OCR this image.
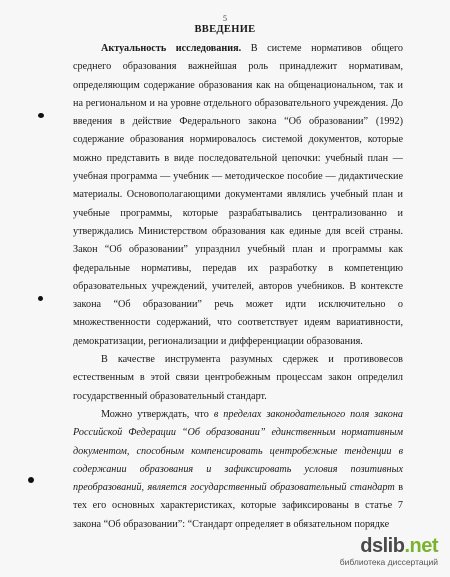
5
ВВЕДЕНИЕ

Актуальность исследования. В системе нормативов общего среднего образования важнейшая роль принадлежит нормативам, определяющим содержание образования как на общенациональном, так и на региональном и на уровне отдельного образовательного учреждения. До введения в действие Федерального закона “Об образовании” (1992) содержание образования нормировалось системой документов, которые можно представить в виде последовательной цепочки: учебный план — учебная программа — учебник — методическое пособие — дидактические материалы. Основополагающими документами являлись учебный план и учебные программы, которые разрабатывались централизованно и утверждались Министерством образования как единые для всей страны. Закон “Об образовании” упразднил учебный план и программы как федеральные нормативы, передав их разработку в компетенцию образовательных учреждений, учителей, авторов учебников. В контексте закона “Об образовании” речь может идти исключительно о множественности содержаний, что соответствует идеям вариативности, демократизации, регионализации и дифференциации образования.

В качестве инструмента разумных сдержек и противовесов естественным в этой связи центробежным процессам закон определил государственный образовательный стандарт.

Можно утверждать, что в пределах законодательного поля закона Российской Федерации “Об образовании” единственным нормативным документом, способным компенсировать центробежные тенденции в содержании образования и зафиксировать условия позитивных преобразований, является государственный образовательный стандарт в тех его основных характеристиках, которые зафиксированы в статье 7 закона “Об образовании”: “Стандарт определяет в обязательном порядке

dslib.net
библиотека диссертаций
